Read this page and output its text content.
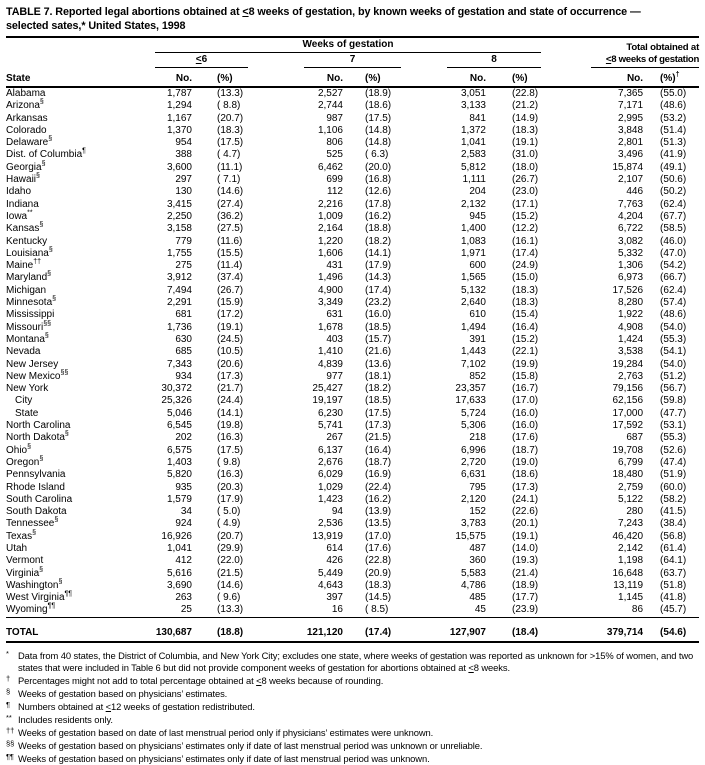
TABLE 7. Reported legal abortions obtained at <8 weeks of gestation, by known weeks of gestation and state of occurrence —
selected sates,* United States, 1998

	Weeks of gestation						Total obtained at	

	<6		7		8		<8 weeks of gestation	

State	No.	(%)	No.	(%)	No.	(%)	No.	(%)†
Alabama	1,787	(13.3)	2,527	(18.9)	3,051	(22.8)	7,365	(55.0)
Arizona§	1,294	( 8.8)	2,744	(18.6)	3,133	(21.2)	7,171	(48.6)
Arkansas	1,167	(20.7)	987	(17.5)	841	(14.9)	2,995	(53.2)
Colorado	1,370	(18.3)	1,106	(14.8)	1,372	(18.3)	3,848	(51.4)
Delaware§	954	(17.5)	806	(14.8)	1,041	(19.1)	2,801	(51.3)
Dist. of Columbia¶	388	( 4.7)	525	( 6.3)	2,583	(31.0)	3,496	(41.9)
Georgia§	3,600	(11.1)	6,462	(20.0)	5,812	(18.0)	15,874	(49.1)
Hawaii§	297	( 7.1)	699	(16.8)	1,111	(26.7)	2,107	(50.6)
Idaho	130	(14.6)	112	(12.6)	204	(23.0)	446	(50.2)
Indiana	3,415	(27.4)	2,216	(17.8)	2,132	(17.1)	7,763	(62.4)
Iowa**	2,250	(36.2)	1,009	(16.2)	945	(15.2)	4,204	(67.7)
Kansas§	3,158	(27.5)	2,164	(18.8)	1,400	(12.2)	6,722	(58.5)
Kentucky	779	(11.6)	1,220	(18.2)	1,083	(16.1)	3,082	(46.0)
Louisiana§	1,755	(15.5)	1,606	(14.1)	1,971	(17.4)	5,332	(47.0)
Maine††	275	(11.4)	431	(17.9)	600	(24.9)	1,306	(54.2)
Maryland§	3,912	(37.4)	1,496	(14.3)	1,565	(15.0)	6,973	(66.7)
Michigan	7,494	(26.7)	4,900	(17.4)	5,132	(18.3)	17,526	(62.4)
Minnesota§	2,291	(15.9)	3,349	(23.2)	2,640	(18.3)	8,280	(57.4)
Mississippi	681	(17.2)	631	(16.0)	610	(15.4)	1,922	(48.6)
Missouri§§	1,736	(19.1)	1,678	(18.5)	1,494	(16.4)	4,908	(54.0)
Montana§	630	(24.5)	403	(15.7)	391	(15.2)	1,424	(55.3)
Nevada	685	(10.5)	1,410	(21.6)	1,443	(22.1)	3,538	(54.1)
New Jersey	7,343	(20.6)	4,839	(13.6)	7,102	(19.9)	19,284	(54.0)
New Mexico§§	934	(17.3)	977	(18.1)	852	(15.8)	2,763	(51.2)
New York	30,372	(21.7)	25,427	(18.2)	23,357	(16.7)	79,156	(56.7)
City	25,326	(24.4)	19,197	(18.5)	17,633	(17.0)	62,156	(59.8)
State	5,046	(14.1)	6,230	(17.5)	5,724	(16.0)	17,000	(47.7)
North Carolina	6,545	(19.8)	5,741	(17.3)	5,306	(16.0)	17,592	(53.1)
North Dakota§	202	(16.3)	267	(21.5)	218	(17.6)	687	(55.3)
Ohio§	6,575	(17.5)	6,137	(16.4)	6,996	(18.7)	19,708	(52.6)
Oregon§	1,403	( 9.8)	2,676	(18.7)	2,720	(19.0)	6,799	(47.4)
Pennsylvania	5,820	(16.3)	6,029	(16.9)	6,631	(18.6)	18,480	(51.9)
Rhode Island	935	(20.3)	1,029	(22.4)	795	(17.3)	2,759	(60.0)
South Carolina	1,579	(17.9)	1,423	(16.2)	2,120	(24.1)	5,122	(58.2)
South Dakota	34	( 5.0)	94	(13.9)	152	(22.6)	280	(41.5)
Tennessee§	924	( 4.9)	2,536	(13.5)	3,783	(20.1)	7,243	(38.4)
Texas§	16,926	(20.7)	13,919	(17.0)	15,575	(19.1)	46,420	(56.8)
Utah	1,041	(29.9)	614	(17.6)	487	(14.0)	2,142	(61.4)
Vermont	412	(22.0)	426	(22.8)	360	(19.3)	1,198	(64.1)
Virginia§	5,616	(21.5)	5,449	(20.9)	5,583	(21.4)	16,648	(63.7)
Washington§	3,690	(14.6)	4,643	(18.3)	4,786	(18.9)	13,119	(51.8)
West Virginia¶¶	263	( 9.6)	397	(14.5)	485	(17.7)	1,145	(41.8)
Wyoming¶¶	25	(13.3)	16	( 8.5)	45	(23.9)	86	(45.7)
TOTAL	130,687	(18.8)	121,120	(17.4)	127,907	(18.4)	379,714	(54.6)

* Data from 40 states, the District of Columbia, and New York City; excludes one state, where weeks of gestation was reported as unknown for >15% of women, and two states that were included in Table 6 but did not provide component weeks of gestation for abortions obtained at <8 weeks.

† Percentages might not add to total percentage obtained at <8 weeks because of rounding.

§ Weeks of gestation based on physicians’ estimates.

¶ Numbers obtained at <12 weeks of gestation redistributed.

** Includes residents only.

†† Weeks of gestation based on date of last menstrual period only if physicians’ estimates were unknown.

§§ Weeks of gestation based on physicians’ estimates only if date of last menstrual period was unknown or unreliable.

¶¶ Weeks of gestation based on physicians’ estimates only if date of last menstrual period was unknown.
